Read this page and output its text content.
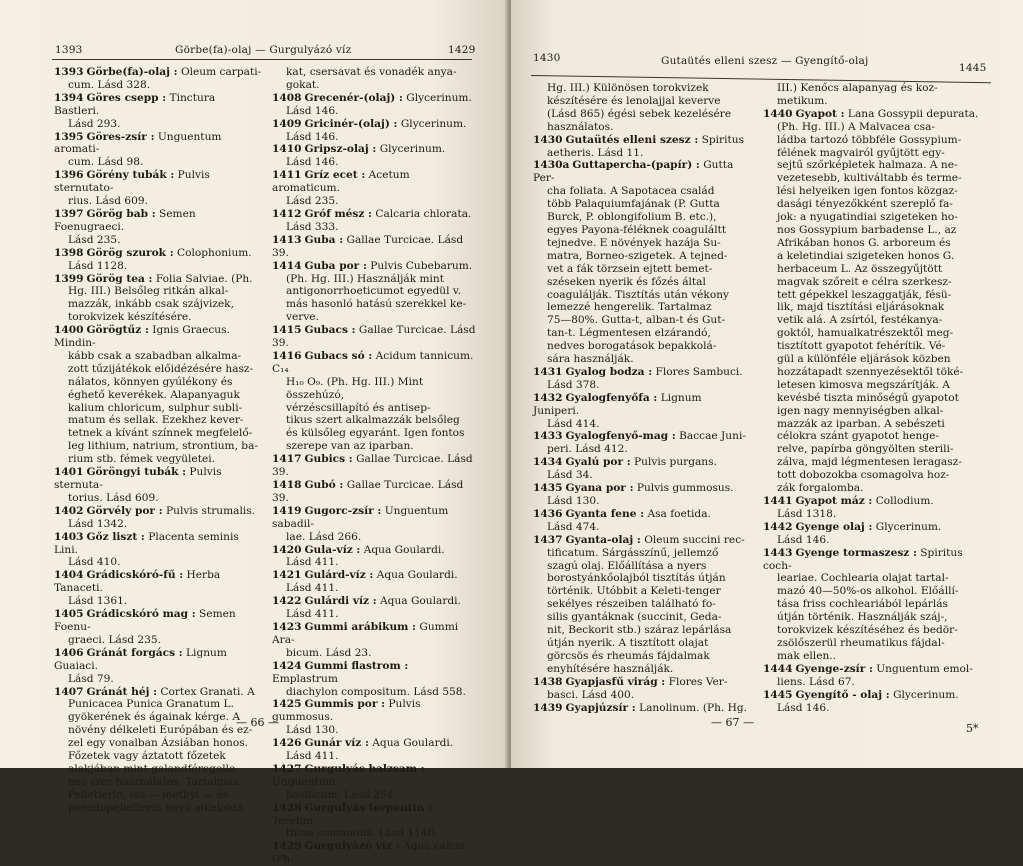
1393	Görbe(fa)-olaj — Gurgulyázó víz	1429
1393 Görbe(fa)-olaj : Oleum carpati-
cum. Lásd 328.
1394 Göres csepp : Tinctura Bastleri.
Lásd 293.
1395 Göres-zsír : Unguentum aromati-
cum. Lásd 98.
1396 Görény tubák : Pulvis sternutato-
rius. Lásd 609.
1397 Görög bab : Semen Foenugraeci.
Lásd 235.
1398 Görög szurok : Colophonium.
Lásd 1128.
1399 Görög tea : Folia Salviae. (Ph.
Hg. III.) Belsőleg ritkán alkal-
mazzák, inkább csak szájvizek,
torokvizek készítésére.
1400 Görögtűz : Ignis Graecus. Mindin-
kább csak a szabadban alkalma-
zott tűzijátékok előidézésére hasz-
nálatos, könnyen gyúlékony és
éghető keverékek. Alapanyaguk
kalium chloricum, sulphur subli-
matum és sellak. Ezekhez kever-
tetnek a kívánt színnek megfelelő-
leg lithium, natrium, strontium, ba-
rium stb. fémek vegyületei.
1401 Göröngyi tubák : Pulvis sternuta-
torius. Lásd 609.
1402 Görvély por : Pulvis strumalis.
Lásd 1342.
1403 Gőz liszt : Placenta seminis Lini.
Lásd 410.
1404 Grádicskóró-fű : Herba Tanaceti.
Lásd 1361.
1405 Grádicskóró mag : Semen Foenu-
graeci. Lásd 235.
1406 Gránát forgács : Lignum Guaiaci.
Lásd 79.
1407 Gránát héj : Cortex Granati. A
Punicacea Punica Granatum L.
gyökerének és ágainak kérge. A
növény délkeleti Európában és ez-
zel egy vonalban Ázsiában honos.
Főzetek vagy áztatott főzetek
alakjában mint galandféregelle-
nes szer használatos. Tartalmaz
Pelletierin, iso — methyl — és
pseudopelletierin nevű alkaloidá-
kat, csersavat és vonadék anya-
gokat.
1408 Grecenér-(olaj) : Glycerinum.
Lásd 146.
1409 Gricinér-(olaj) : Glycerinum.
Lásd 146.
1410 Gripsz-olaj : Glycerinum.
Lásd 146.
1411 Gríz ecet : Acetum aromaticum.
Lásd 235.
1412 Gróf mész : Calcaria chlorata.
Lásd 333.
1413 Guba : Gallae Turcicae. Lásd 39.
1414 Guba por : Pulvis Cubebarum.
(Ph. Hg. III.) Használják mint
antigonorrhoeticumot egyedül v.
más hasonló hatású szerekkel ke-
verve.
1415 Gubacs : Gallae Turcicae. Lásd 39.
1416 Gubacs só : Acidum tannicum. C₁₄
H₁₀ O₉. (Ph. Hg. III.) Mint összehúzó,
vérzéscsillapító és antisep-
tikus szert alkalmazzák belsőleg
és külsőleg egyaránt. Igen fontos
szerepe van az iparban.
1417 Gubics : Gallae Turcicae. Lásd 39.
1418 Gubó : Gallae Turcicae. Lásd 39.
1419 Gugorc-zsír : Unguentum sabadil-
lae. Lásd 266.
1420 Gula-víz : Aqua Goulardi.
Lásd 411.
1421 Gulárd-víz : Aqua Goulardi.
Lásd 411.
1422 Gulárdi víz : Aqua Goulardi.
Lásd 411.
1423 Gummi arábikum : Gummi Ara-
bicum. Lásd 23.
1424 Gummi flastrom : Emplastrum
diachylon compositum. Lásd 558.
1425 Gummis por : Pulvis gummosus.
Lásd 130.
1426 Gunár víz : Aqua Goulardi.
Lásd 411.
1427 Gurgulyás balzsam : Unguentum
basilicum. Lásd 254.
1428 Gurgulyás terpentin : Terebin-
thina communis. Lásd 1146.
1429 Gurgulyázó víz : Aqua calcis. (Ph.
— 66 —
1430	Gutaütés elleni szesz — Gyengítő-olaj
1445
Hg. III.) Különösen torokvizek
készítésére és lenolajjal keverve
(Lásd 865) égési sebek kezelésére
használatos.
1430 Gutaütés elleni szesz : Spiritus
aetheris. Lásd 11.
1430a Guttapercha-(papír) : Gutta Per-
cha foliata. A Sapotacea család
több Palaquiumfajának (P. Gutta
Burck, P. oblongifolium B. etc.),
egyes Payona-féléknek coaguláltt
tejnedve. E növények hazája Su-
matra, Borneo-szigetek. A tejned-
vet a fák törzsein ejtett bemet-
széseken nyerik és főzés által
coagulálják. Tisztítás után vékony
lemezzé hengerelik. Tartalmaz
75—80%. Gutta-t, alban-t és Gut-
tan-t. Légmentesen elzárandó,
nedves borogatások bepakkolá-
sára használják.
1431 Gyalog bodza : Flores Sambuci.
Lásd 378.
1432 Gyalogfenyőfa : Lignum Juniperi.
Lásd 414.
1433 Gyalogfenyő-mag : Baccae Juni-
peri. Lásd 412.
1434 Gyalú por : Pulvis purgans.
Lásd 34.
1435 Gyana por : Pulvis gummosus.
Lásd 130.
1436 Gyanta fene : Asa foetida.
Lásd 474.
1437 Gyanta-olaj : Oleum succini rec-
tificatum. Sárgásszínű, jellemző
szagú olaj. Előállítása a nyers
borostyánkőolajból tisztítás útján
történik. Utóbbit a Keleti-tenger
sekélyes részeiben található fo-
silis gyantáknak (succinit, Geda-
nit, Beckorit stb.) száraz lepárlása
útján nyerik. A tisztított olajat
görcsös és rheumás fájdalmak
enyhítésére használják.
1438 Gyapjasfű virág : Flores Ver-
basci. Lásd 400.
1439 Gyapjúzsír : Lanolinum. (Ph. Hg.
III.) Kenőcs alapanyag és koz-
metikum.
1440 Gyapot : Lana Gossypii depurata.
(Ph. Hg. III.) A Malvacea csa-
ládba tartozó többféle Gossypium-
félének magvairól gyűjtött egy-
sejtű szőrképletek halmaza. A ne-
vezetesebb, kultiváltabb és terme-
lési helyeiken igen fontos közgaz-
dasági tényezőkként szereplő fa-
jok: a nyugatindiai szigeteken ho-
nos Gossypium barbadense L., az
Afrikában honos G. arboreum és
a keletindiai szigeteken honos G.
herbaceum L. Az összegyűjtött
magvak szőreit e célra szerkesz-
tett gépekkel leszaggatják, fésü-
lik, majd tisztítási eljárásoknak
vetik alá. A zsírtól, festékanya-
goktól, hamualkatrészektől meg-
tisztított gyapotot fehérítik. Vé-
gül a különféle eljárások közben
hozzátapadt szennyezésektől töké-
letesen kimosva megszárítják. A
kevésbé tiszta minőségű gyapotot
igen nagy mennyiségben alkal-
mazzák az iparban. A sebészeti
célokra szánt gyapotot henge-
relve, papírba göngyölten sterili-
zálva, majd légmentesen leragasz-
tott dobozokba csomagolva hoz-
zák forgalomba.
1441 Gyapot máz : Collodium.
Lásd 1318.
1442 Gyenge olaj : Glycerinum.
Lásd 146.
1443 Gyenge tormaszesz : Spiritus coch-
leariae. Cochlearia olajat tartal-
mazó 40—50%-os alkohol. Előállí-
tása friss cochleariából lepárlás
útján történik. Használják száj-,
torokvizek készítéséhez és bedör-
zsölőszerül rheumatikus fájdal-
mak ellen..
1444 Gyenge-zsír : Unguentum emol-
liens. Lásd 67.
1445 Gyengítő - olaj : Glycerinum.
Lásd 146.
— 67 —	5*
